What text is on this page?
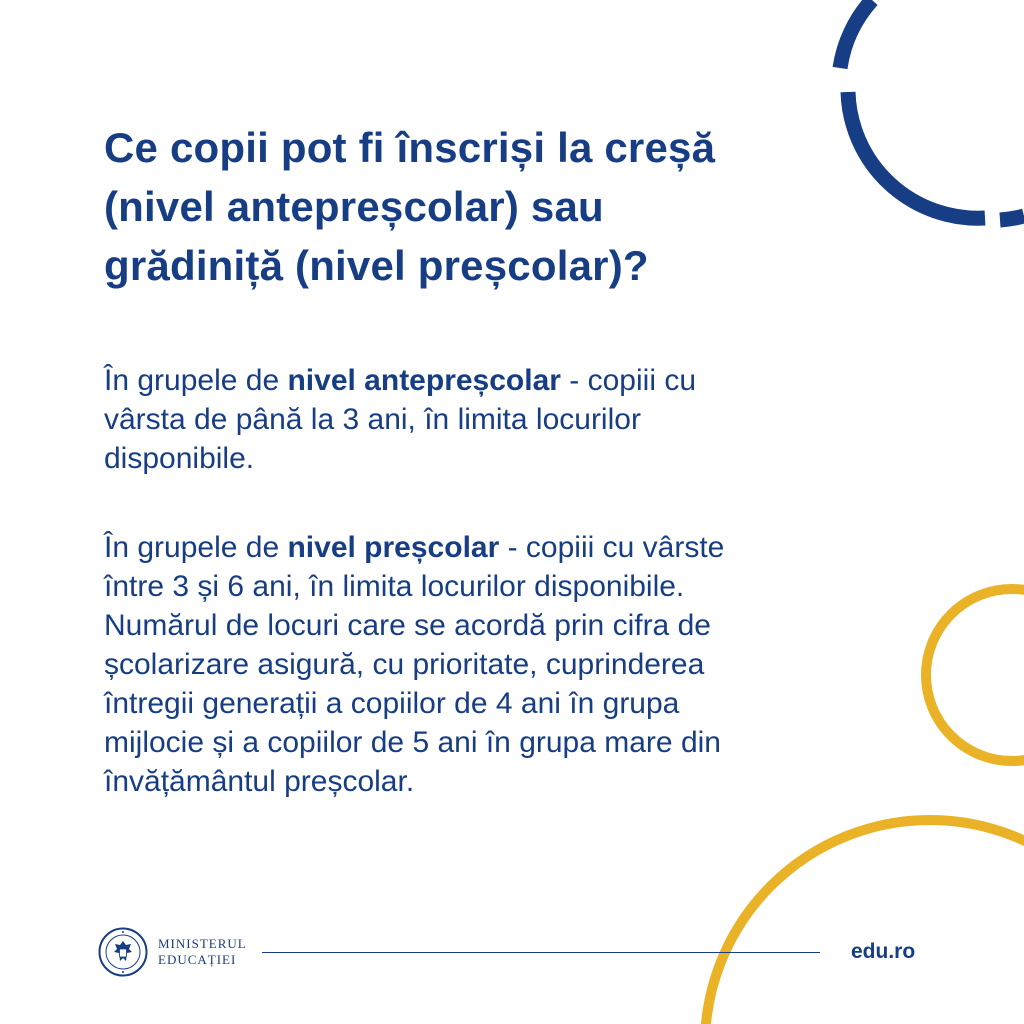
Ce copii pot fi înscriși la creșă
(nivel antepreșcolar) sau
grădiniță (nivel preșcolar)?
În grupele de nivel antepreșcolar - copiii cu
vârsta de până la 3 ani, în limita locurilor
disponibile.
În grupele de nivel preșcolar - copiii cu vârste
între 3 și 6 ani, în limita locurilor disponibile.
Numărul de locuri care se acordă prin cifra de
școlarizare asigură, cu prioritate, cuprinderea
întregii generații a copiilor de 4 ani în grupa
mijlocie și a copiilor de 5 ani în grupa mare din
învățământul preșcolar.
MINISTERUL
EDUCAȚIEI	edu.ro
